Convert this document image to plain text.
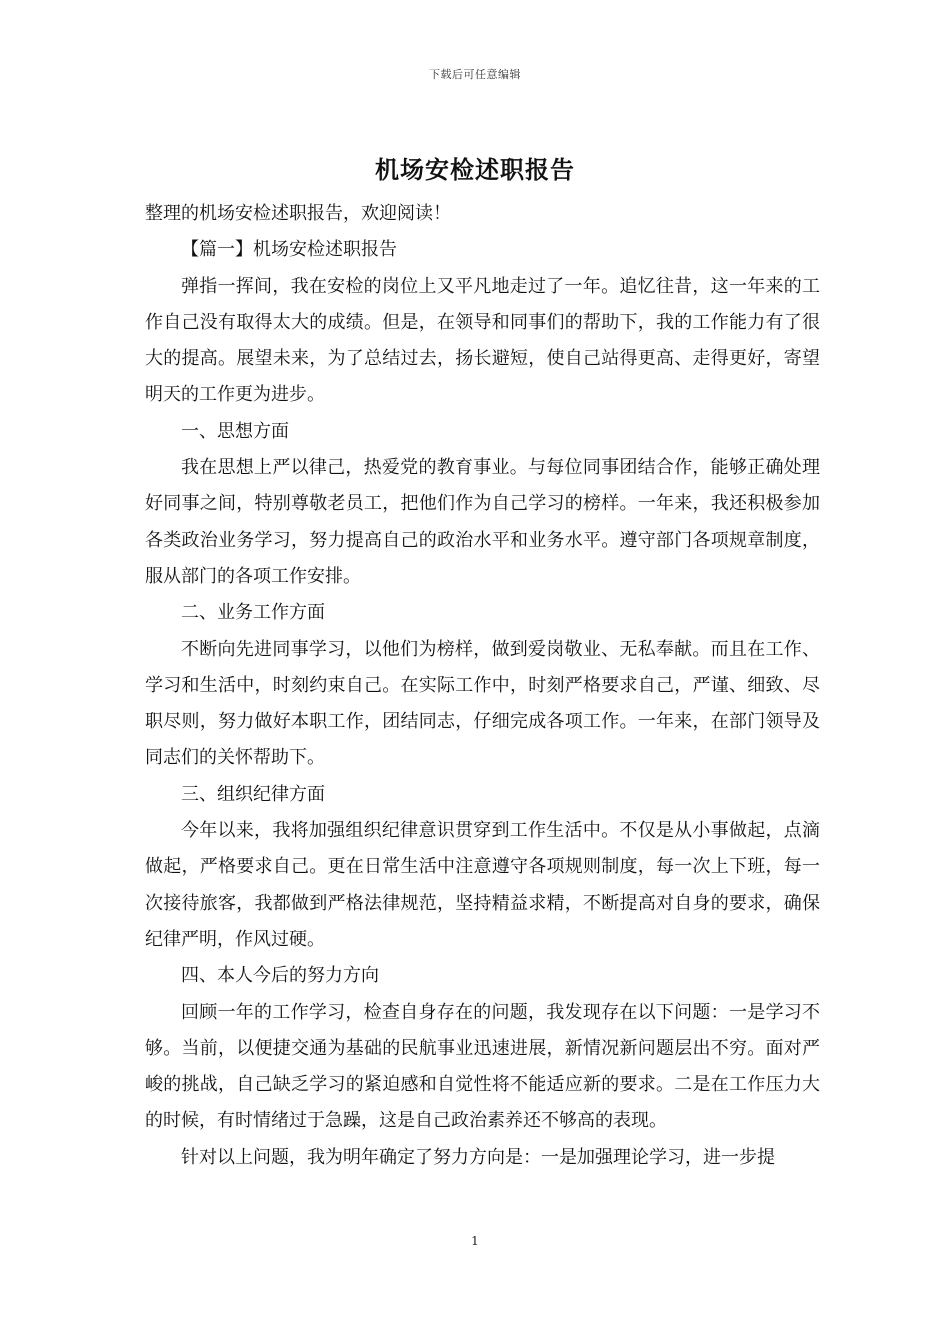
下载后可任意编辑
机场安检述职报告

整理的机场安检述职报告，欢迎阅读！

【篇一】机场安检述职报告

弹指一挥间，我在安检的岗位上又平凡地走过了一年。追忆往昔，这一年来的工作自己没有取得太大的成绩。但是，在领导和同事们的帮助下，我的工作能力有了很大的提高。展望未来，为了总结过去，扬长避短，使自己站得更高、走得更好，寄望明天的工作更为进步。

一、思想方面

我在思想上严以律己，热爱党的教育事业。与每位同事团结合作，能够正确处理好同事之间，特别尊敬老员工，把他们作为自己学习的榜样。一年来，我还积极参加各类政治业务学习，努力提高自己的政治水平和业务水平。遵守部门各项规章制度，服从部门的各项工作安排。

二、业务工作方面

不断向先进同事学习，以他们为榜样，做到爱岗敬业、无私奉献。而且在工作、学习和生活中，时刻约束自己。在实际工作中，时刻严格要求自己，严谨、细致、尽职尽则，努力做好本职工作，团结同志，仔细完成各项工作。一年来，在部门领导及同志们的关怀帮助下。

三、组织纪律方面

今年以来，我将加强组织纪律意识贯穿到工作生活中。不仅是从小事做起，点滴做起，严格要求自己。更在日常生活中注意遵守各项规则制度，每一次上下班，每一次接待旅客，我都做到严格法律规范，坚持精益求精，不断提高对自身的要求，确保纪律严明，作风过硬。

四、本人今后的努力方向

回顾一年的工作学习，检查自身存在的问题，我发现存在以下问题：一是学习不够。当前，以便捷交通为基础的民航事业迅速进展，新情况新问题层出不穷。面对严峻的挑战，自己缺乏学习的紧迫感和自觉性将不能适应新的要求。二是在工作压力大的时候，有时情绪过于急躁，这是自己政治素养还不够高的表现。

针对以上问题，我为明年确定了努力方向是：一是加强理论学习，进一步提

1
